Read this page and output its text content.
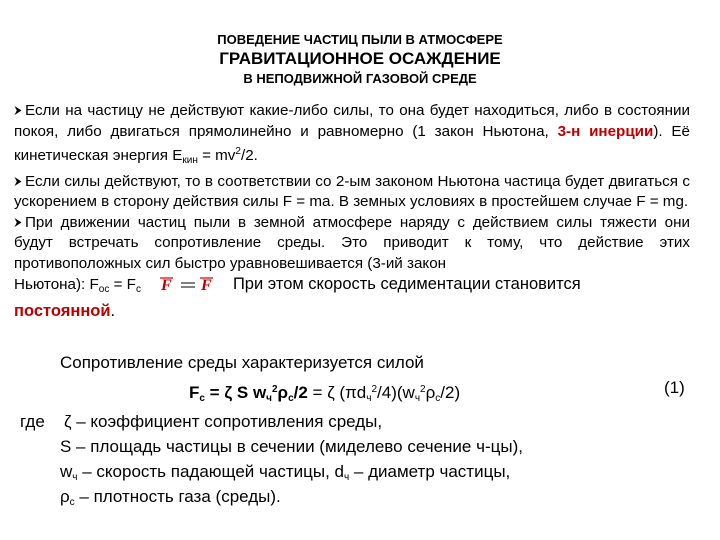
ПОВЕДЕНИЕ ЧАСТИЦ ПЫЛИ В АТМОСФЕРЕ
ГРАВИТАЦИОННОЕ ОСАЖДЕНИЕ
В НЕПОДВИЖНОЙ ГАЗОВОЙ СРЕДЕ

Если на частицу не действуют какие-либо силы, то она будет находиться, либо в состоянии покоя, либо двигаться прямолинейно и равномерно (1 закон Ньютона, 3-н инерции). Её кинетическая энергия $Е_{кин} = mv^2/2$.

Если силы действуют, то в соответствии со 2-ым законом Ньютона частица будет двигаться с ускорением в сторону действия силы F = ma. В земных условиях в простейшем случае F = mg.

При движении частиц пыли в земной атмосфере наряду с действием силы тяжести они будут встречать сопротивление среды. Это приводит к тому, что действие этих противоположных сил быстро уравновешивается (3-ий закон

Ньютона): $F_{ос} = F_с$ F F При этом скорость седиментации становится
постоянной.
Сопротивление среды характеризуется силой
$F_c = \zeta$ S $w_ч^2\rho_с/2 = \zeta$ $(\pi d_ч^2/4)(w_ч^2\rho_с/2)$	(1)
где ζ – коэффициент сопротивления среды,
S – площадь частицы в сечении (миделево сечение ч-цы),
$w_ч$ – скорость падающей частицы, $d_ч$ – диаметр частицы,
$\rho_с$ – плотность газа (среды).
